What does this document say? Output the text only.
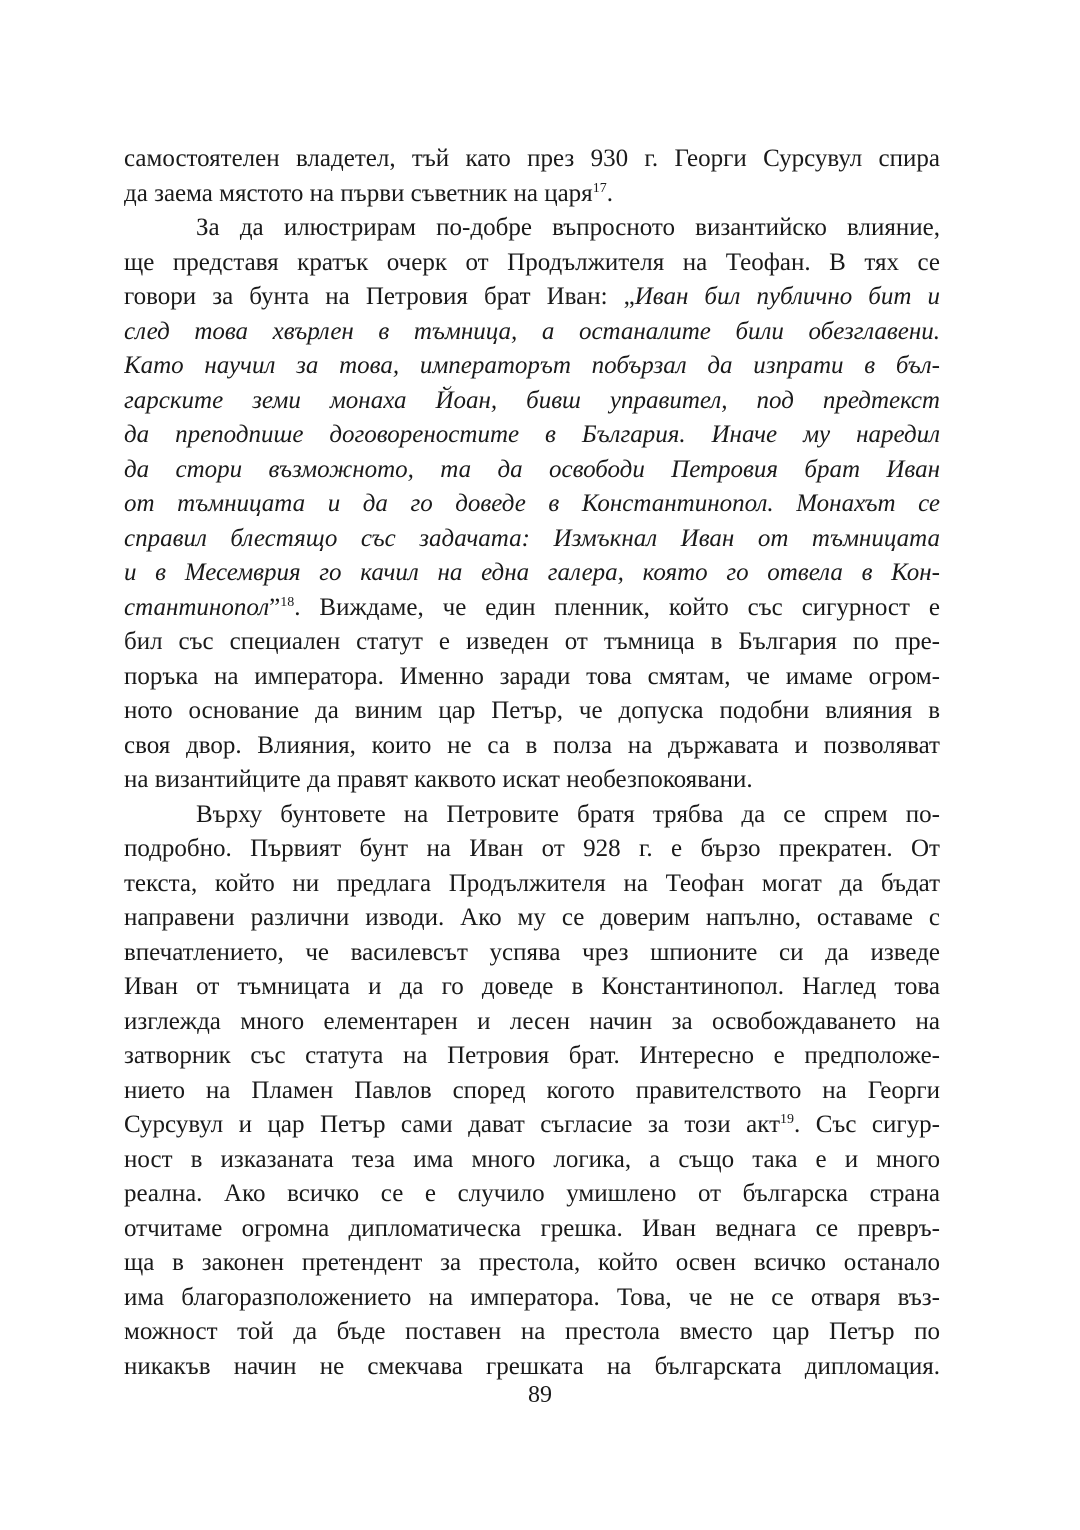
самостоятелен владетел, тъй като през 930 г. Георги Сурсувул спира
да заема мястото на първи съветник на царя$^{17}$.
За да илюстрирам по-добре въпросното византийско влияние,
ще представя кратък очерк от Продължителя на Теофан. В тях се
говори за бунта на Петровия брат Иван: „Иван бил публично бит и
след това хвърлен в тъмница, а останалите били обезглавени.
Като научил за това, императорът побързал да изпрати в бъл-
гарските земи монаха Йоан, бивш управител, под предтекст
да преподпише договореностите в България. Иначе му наредил
да стори възможното, та да освободи Петровия брат Иван
от тъмницата и да го доведе в Константинопол. Монахът се
справил блестящо със задачата: Измъкнал Иван от тъмницата
и в Месемврия го качил на една галера, която го отвела в Кон-
стантинопол”$^{18}$. Виждаме, че един пленник, който със сигурност е
бил със специален статут е изведен от тъмница в България по пре-
поръка на императора. Именно заради това смятам, че имаме огром-
ното основание да виним цар Петър, че допуска подобни влияния в
своя двор. Влияния, които не са в полза на държавата и позволяват
на византийците да правят каквото искат необезпокоявани.
Върху бунтовете на Петровите братя трябва да се спрем по-
подробно. Първият бунт на Иван от 928 г. е бързо прекратен. От
текста, който ни предлага Продължителя на Теофан могат да бъдат
направени различни изводи. Ако му се доверим напълно, оставаме с
впечатлението, че василевсът успява чрез шпионите си да изведе
Иван от тъмницата и да го доведе в Константинопол. Наглед това
изглежда много елементарен и лесен начин за освобождаването на
затворник със статута на Петровия брат. Интересно е предположе-
нието на Пламен Павлов според когото правителството на Георги
Сурсувул и цар Петър сами дават съгласие за този акт$^{19}$. Със сигур-
ност в изказаната теза има много логика, а също така е и много
реална. Ако всичко се е случило умишлено от българска страна
отчитаме огромна дипломатическа грешка. Иван веднага се превръ-
ща в законен претендент за престола, който освен всичко останало
има благоразположението на императора. Това, че не се отваря въз-
можност той да бъде поставен на престола вместо цар Петър по
никакъв начин не смекчава грешката на българската дипломация.
89
